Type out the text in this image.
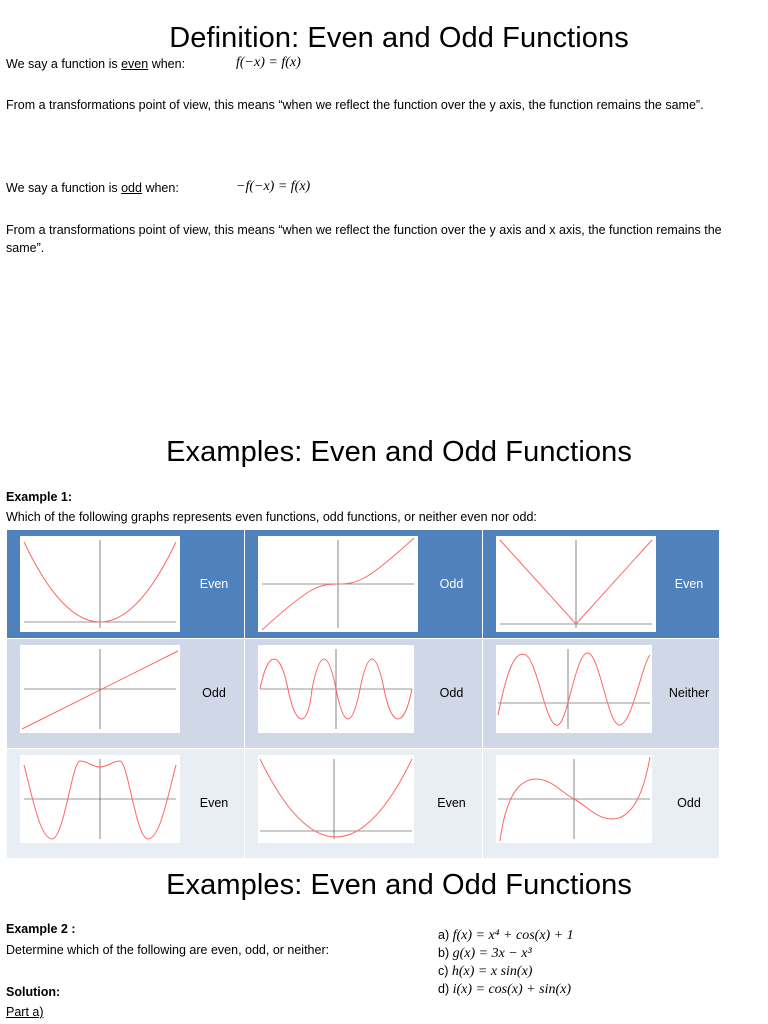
Definition: Even and Odd Functions
We say a function is even when:	f(−x) = f(x)
From a transformations point of view, this means “when we reflect the function over the y axis, the function remains the same”.
We say a function is odd when:	−f(−x) = f(x)
From a transformations point of view, this means “when we reflect the function over the y axis and x axis, the function remains the same”.
Examples: Even and Odd Functions
Example 1:
Which of the following graphs represents even functions, odd functions, or neither even nor odd:
Even	Odd	Even

Odd	Odd	Neither

Even	Even	Odd
Examples: Even and Odd Functions
Example 2 :
Determine which of the following are even, odd, or neither:
Solution:
Part a)
a) f(x) = x⁴ + cos(x) + 1
b) g(x) = 3x − x³
c) h(x) = x sin(x)
d) i(x) = cos(x) + sin(x)
